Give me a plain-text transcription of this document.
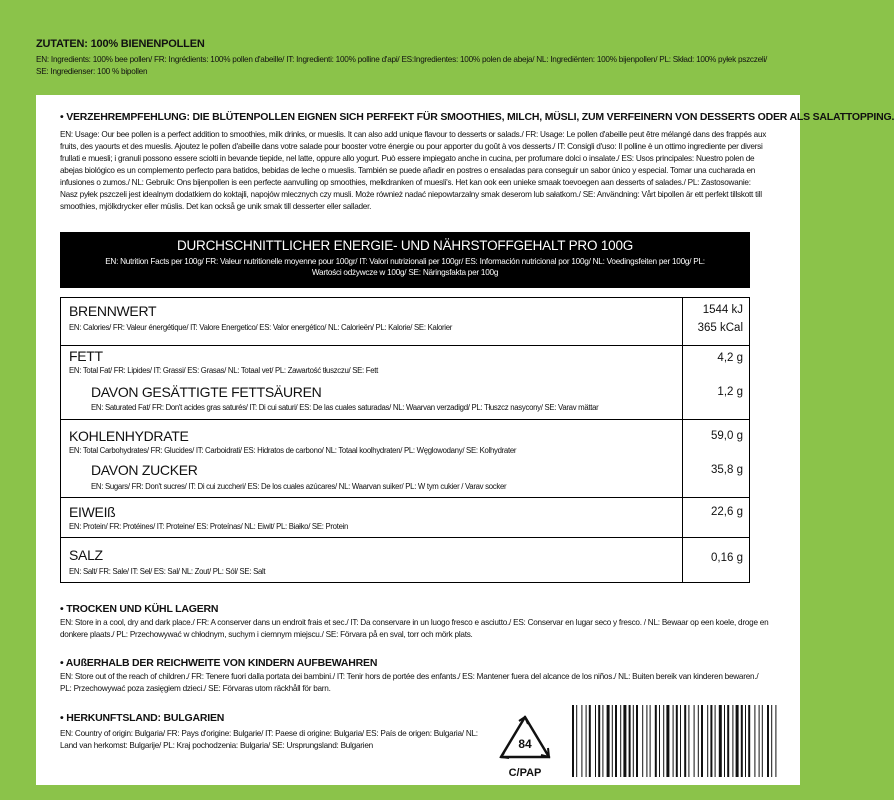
ZUTATEN: 100% BIENENPOLLEN
EN: Ingredients: 100% bee pollen/ FR: Ingrédients: 100% pollen d'abeille/ IT: Ingredienti: 100% polline d'api/ ES:Ingredientes: 100% polen de abeja/ NL: Ingrediënten: 100% bijenpollen/ PL: Skład: 100% pyłek pszczeli/ SE: Ingredienser: 100 % bipollen
• VERZEHREMPFEHLUNG: DIE BLÜTENPOLLEN EIGNEN SICH PERFEKT FÜR SMOOTHIES, MILCH, MÜSLI, ZUM VERFEINERN VON DESSERTS ODER ALS SALATTOPPING.
EN: Usage: Our bee pollen is a perfect addition to smoothies, milk drinks, or mueslis. It can also add unique flavour to desserts or salads./ FR: Usage: Le pollen d'abeille peut être mélangé dans des frappés aux fruits, des yaourts et des mueslis. Ajoutez le pollen d'abeille dans votre salade pour booster votre énergie ou pour apporter du goût à vos desserts./ IT: Consigli d'uso: Il polline è un ottimo ingrediente per diversi frullati e muesli; i granuli possono essere sciolti in bevande tiepide, nel latte, oppure allo yogurt. Può essere impiegato anche in cucina, per profumare dolci o insalate./ ES: Usos principales: Nuestro polen de abejas biológico es un complemento perfecto para batidos, bebidas de leche o mueslis. También se puede añadir en postres o ensaladas para conseguir un sabor único y especial. Tomar una cucharada en infusiones o zumos./ NL: Gebruik: Ons bijenpollen is een perfecte aanvulling op smoothies, melkdranken of muesli's. Het kan ook een unieke smaak toevoegen aan desserts of salades./ PL: Zastosowanie: Nasz pyłek pszczeli jest idealnym dodatkiem do koktajli, napojów mlecznych czy musli. Może również nadać niepowtarzalny smak deserom lub sałatkom./ SE: Användning: Vårt bipollen är ett perfekt tillskott till smoothies, mjölkdrycker eller müslis. Det kan också ge unik smak till desserter eller sallader.
DURCHSCHNITTLICHER ENERGIE- UND NÄHRSTOFFGEHALT PRO 100G
EN: Nutrition Facts per 100g/ FR: Valeur nutritionelle moyenne pour 100gr/ IT: Valori nutrizionali per 100gr/ ES: Información nutricional por 100g/ NL: Voedingsfeiten per 100g/ PL: Wartości odżywcze w 100g/ SE: Näringsfakta per 100g
BRENNWERT
EN: Calories/ FR: Valeur énergétique/ IT: Valore Energetico/ ES: Valor energético/ NL: Calorieën/ PL: Kalorie/ SE: Kalorier
1544 kJ
365 kCal
FETT
EN: Total Fat/ FR: Lipides/ IT: Grassi/ ES: Grasas/ NL: Totaal vet/ PL: Zawartość tłuszczu/ SE: Fett
4,2 g
DAVON GESÄTTIGTE FETTSÄUREN
EN: Saturated Fat/ FR: Don't acides gras saturés/ IT: Di cui saturi/ ES: De las cuales saturadas/ NL: Waarvan verzadigd/ PL: Tłuszcz nasycony/ SE: Varav mättar
1,2 g
KOHLENHYDRATE
EN: Total Carbohydrates/ FR: Glucides/ IT: Carboidrati/ ES: Hidratos de carbono/ NL: Totaal koolhydraten/ PL: Węglowodany/ SE: Kolhydrater
59,0 g
DAVON ZUCKER
EN: Sugars/ FR: Don't sucres/ IT: Di cui zuccheri/ ES: De los cuales azúcares/ NL: Waarvan suiker/ PL: W tym cukier / Varav socker
35,8 g
EIWEIß
EN: Protein/ FR: Protéines/ IT: Proteine/ ES: Proteínas/ NL: Eiwit/ PL: Białko/ SE: Protein
22,6 g
SALZ
EN: Salt/ FR: Sale/ IT: Sel/ ES: Sal/ NL: Zout/ PL: Sól/ SE: Salt
0,16 g
• TROCKEN UND KÜHL LAGERN
EN: Store in a cool, dry and dark place./ FR: A conserver dans un endroit frais et sec./ IT: Da conservare in un luogo fresco e asciutto./ ES: Conservar en lugar seco y fresco. / NL: Bewaar op een koele, droge en donkere plaats./ PL: Przechowywać w chłodnym, suchym i ciemnym miejscu./ SE: Förvara på en sval, torr och mörk plats.
• AUßERHALB DER REICHWEITE VON KINDERN AUFBEWAHREN
EN: Store out of the reach of children./ FR: Tenere fuori dalla portata dei bambini./ IT: Tenir hors de portée des enfants./ ES: Mantener fuera del alcance de los niños./ NL: Buiten bereik van kinderen bewaren./ PL: Przechowywać poza zasięgiem dzieci./ SE: Förvaras utom räckhåll för barn.
• HERKUNFTSLAND: BULGARIEN
EN: Country of origin: Bulgaria/ FR: Pays d'origine: Bulgarie/ IT: Paese di origine: Bulgaria/ ES: País de origen: Bulgaria/ NL: Land van herkomst: Bulgarije/ PL: Kraj pochodzenia: Bulgaria/ SE: Ursprungsland: Bulgarien	84
C/PAP
